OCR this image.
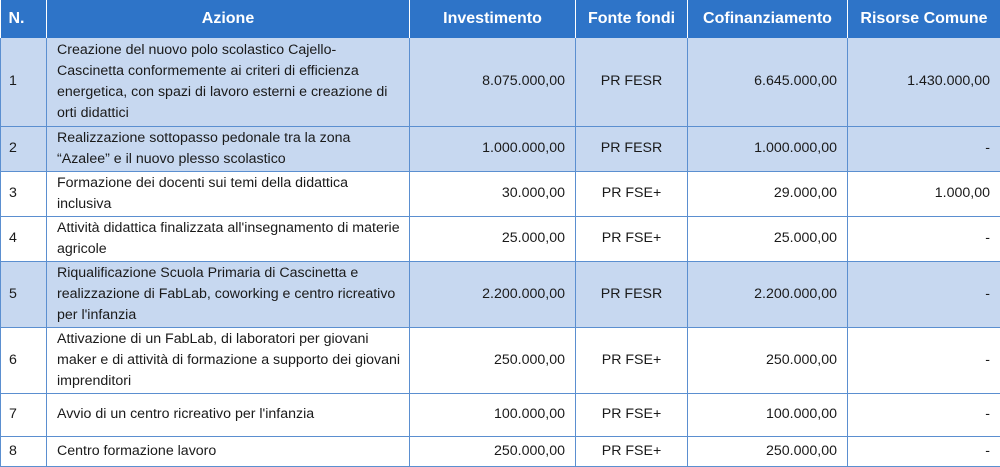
N.	Azione	Investimento	Fonte fondi	Cofinanziamento	Risorse Comune
1	Creazione del nuovo polo scolastico Cajello-Cascinetta conformemente ai criteri di efficienza energetica, con spazi di lavoro esterni e creazione di orti didattici	8.075.000,00	PR FESR	6.645.000,00	1.430.000,00
2	Realizzazione sottopasso pedonale tra la zona “Azalee” e il nuovo plesso scolastico	1.000.000,00	PR FESR	1.000.000,00	-
3	Formazione dei docenti sui temi della didattica inclusiva	30.000,00	PR FSE+	29.000,00	1.000,00
4	Attività didattica finalizzata all'insegnamento di materie agricole	25.000,00	PR FSE+	25.000,00	-
5	Riqualificazione Scuola Primaria di Cascinetta e realizzazione di FabLab, coworking e centro ricreativo per l'infanzia	2.200.000,00	PR FESR	2.200.000,00	-
6	Attivazione di un FabLab, di laboratori per giovani maker e di attività di formazione a supporto dei giovani imprenditori	250.000,00	PR FSE+	250.000,00	-
7	Avvio di un centro ricreativo per l'infanzia	100.000,00	PR FSE+	100.000,00	-
8	Centro formazione lavoro	250.000,00	PR FSE+	250.000,00	-
